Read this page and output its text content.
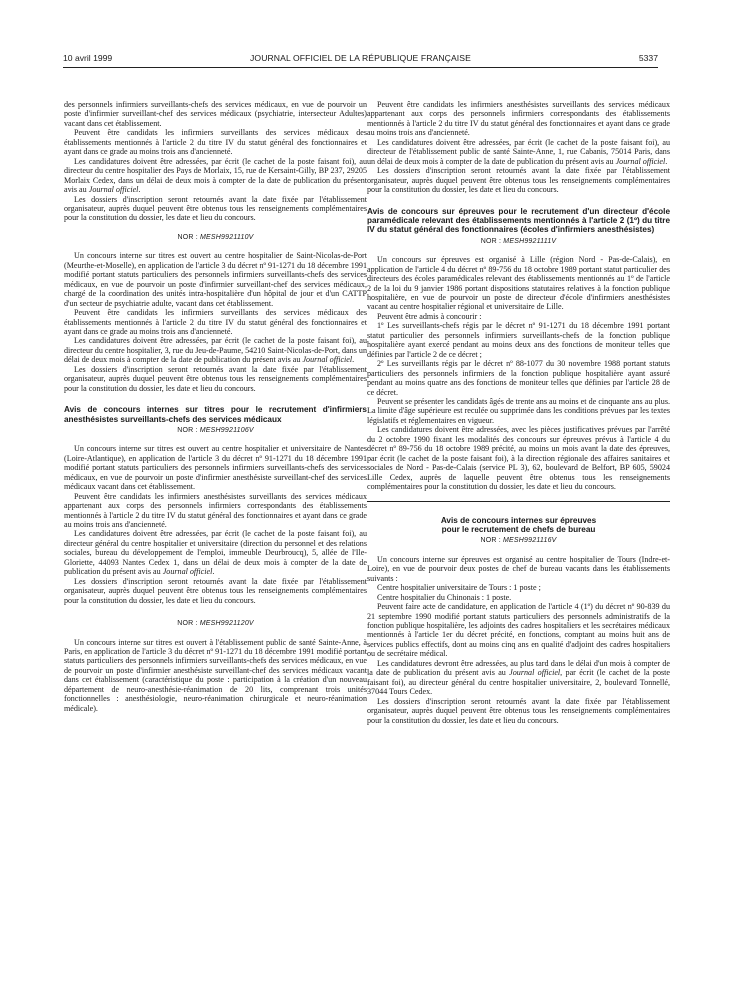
10 avril 1999	JOURNAL OFFICIEL DE LA RÉPUBLIQUE FRANÇAISE	5337

des personnels infirmiers surveillants-chefs des services médicaux, en vue de pourvoir un poste d'infirmier surveillant-chef des services médicaux (psychiatrie, intersecteur Adultes) vacant dans cet établissement.

Peuvent être candidats les infirmiers surveillants des services médicaux des établissements mentionnés à l'article 2 du titre IV du statut général des fonctionnaires et ayant dans ce grade au moins trois ans d'ancienneté.

Les candidatures doivent être adressées, par écrit (le cachet de la poste faisant foi), au directeur du centre hospitalier des Pays de Morlaix, 15, rue de Kersaint-Gilly, BP 237, 29205 Morlaix Cedex, dans un délai de deux mois à compter de la date de publication du présent avis au Journal officiel.

Les dossiers d'inscription seront retournés avant la date fixée par l'établissement organisateur, auprès duquel peuvent être obtenus tous les renseignements complémentaires pour la constitution du dossier, les date et lieu du concours.

NOR : MESH9921110V

Un concours interne sur titres est ouvert au centre hospitalier de Saint-Nicolas-de-Port (Meurthe-et-Moselle), en application de l'article 3 du décret nº 91-1271 du 18 décembre 1991 modifié portant statuts particuliers des personnels infirmiers surveillants-chefs des services médicaux, en vue de pourvoir un poste d'infirmier surveillant-chef des services médicaux, chargé de la coordination des unités intra-hospitalière d'un hôpital de jour et d'un CATTP d'un secteur de psychiatrie adulte, vacant dans cet établissement.

Peuvent être candidats les infirmiers surveillants des services médicaux des établissements mentionnés à l'article 2 du titre IV du statut général des fonctionnaires et ayant dans ce grade au moins trois ans d'ancienneté.

Les candidatures doivent être adressées, par écrit (le cachet de la poste faisant foi), au directeur du centre hospitalier, 3, rue du Jeu-de-Paume, 54210 Saint-Nicolas-de-Port, dans un délai de deux mois à compter de la date de publication du présent avis au Journal officiel.

Les dossiers d'inscription seront retournés avant la date fixée par l'établissement organisateur, auprès duquel peuvent être obtenus tous les renseignements complémentaires pour la constitution du dossier, les date et lieu du concours.

Avis de concours internes sur titres pour le recrutement d'infirmiers anesthésistes surveillants-chefs des services médicaux
NOR : MESH9921106V

Un concours interne sur titres est ouvert au centre hospitalier et universitaire de Nantes (Loire-Atlantique), en application de l'article 3 du décret nº 91-1271 du 18 décembre 1991 modifié portant statuts particuliers des personnels infirmiers surveillants-chefs des services médicaux, en vue de pourvoir un poste d'infirmier anesthésiste surveillant-chef des services médicaux vacant dans cet établissement.

Peuvent être candidats les infirmiers anesthésistes surveillants des services médicaux appartenant aux corps des personnels infirmiers correspondants des établissements mentionnés à l'article 2 du titre IV du statut général des fonctionnaires et ayant dans ce grade au moins trois ans d'ancienneté.

Les candidatures doivent être adressées, par écrit (le cachet de la poste faisant foi), au directeur général du centre hospitalier et universitaire (direction du personnel et des relations sociales, bureau du développement de l'emploi, immeuble Deurbroucq), 5, allée de l'Ile-Gloriette, 44093 Nantes Cedex 1, dans un délai de deux mois à compter de la date de publication du présent avis au Journal officiel.

Les dossiers d'inscription seront retournés avant la date fixée par l'établissement organisateur, auprès duquel peuvent être obtenus tous les renseignements complémentaires pour la constitution du dossier, les date et lieu du concours.

NOR : MESH9921120V

Un concours interne sur titres est ouvert à l'établissement public de santé Sainte-Anne, à Paris, en application de l'article 3 du décret nº 91-1271 du 18 décembre 1991 modifié portant statuts particuliers des personnels infirmiers surveillants-chefs des services médicaux, en vue de pourvoir un poste d'infirmier anesthésiste surveillant-chef des services médicaux vacant dans cet établissement (caractéristique du poste : participation à la création d'un nouveau département de neuro-anesthésie-réanimation de 20 lits, comprenant trois unités fonctionnelles : anesthésiologie, neuro-réanimation chirurgicale et neuro-réanimation médicale).

Peuvent être candidats les infirmiers anesthésistes surveillants des services médicaux appartenant aux corps des personnels infirmiers correspondants des établissements mentionnés à l'article 2 du titre IV du statut général des fonctionnaires et ayant dans ce grade au moins trois ans d'ancienneté.

Les candidatures doivent être adressées, par écrit (le cachet de la poste faisant foi), au directeur de l'établissement public de santé Sainte-Anne, 1, rue Cabanis, 75014 Paris, dans un délai de deux mois à compter de la date de publication du présent avis au Journal officiel.

Les dossiers d'inscription seront retournés avant la date fixée par l'établissement organisateur, auprès duquel peuvent être obtenus tous les renseignements complémentaires pour la constitution du dossier, les date et lieu du concours.

Avis de concours sur épreuves pour le recrutement d'un directeur d'école paramédicale relevant des établissements mentionnés à l'article 2 (1º) du titre IV du statut général des fonctionnaires (écoles d'infirmiers anesthésistes)
NOR : MESH9921111V

Un concours sur épreuves est organisé à Lille (région Nord - Pas-de-Calais), en application de l'article 4 du décret nº 89-756 du 18 octobre 1989 portant statut particulier des directeurs des écoles paramédicales relevant des établissements mentionnés au 1º de l'article 2 de la loi du 9 janvier 1986 portant dispositions statutaires relatives à la fonction publique hospitalière, en vue de pourvoir un poste de directeur d'école d'infirmiers anesthésistes vacant au centre hospitalier régional et universitaire de Lille.

Peuvent être admis à concourir :

1º Les surveillants-chefs régis par le décret nº 91-1271 du 18 décembre 1991 portant statut particulier des personnels infirmiers surveillants-chefs de la fonction publique hospitalière ayant exercé pendant au moins deux ans des fonctions de moniteur telles que définies par l'article 2 de ce décret ;

2º Les surveillants régis par le décret nº 88-1077 du 30 novembre 1988 portant statuts particuliers des personnels infirmiers de la fonction publique hospitalière ayant assuré pendant au moins quatre ans des fonctions de moniteur telles que définies par l'article 28 de ce décret.

Peuvent se présenter les candidats âgés de trente ans au moins et de cinquante ans au plus. La limite d'âge supérieure est reculée ou supprimée dans les conditions prévues par les textes législatifs et réglementaires en vigueur.

Les candidatures doivent être adressées, avec les pièces justificatives prévues par l'arrêté du 2 octobre 1990 fixant les modalités des concours sur épreuves prévus à l'article 4 du décret nº 89-756 du 18 octobre 1989 précité, au moins un mois avant la date des épreuves, par écrit (le cachet de la poste faisant foi), à la direction régionale des affaires sanitaires et sociales de Nord - Pas-de-Calais (service PL 3), 62, boulevard de Belfort, BP 605, 59024 Lille Cedex, auprès de laquelle peuvent être obtenus tous les renseignements complémentaires pour la constitution du dossier, les date et lieu du concours.

Avis de concours internes sur épreuves
pour le recrutement de chefs de bureau
NOR : MESH9921116V

Un concours interne sur épreuves est organisé au centre hospitalier de Tours (Indre-et-Loire), en vue de pourvoir deux postes de chef de bureau vacants dans les établissements suivants :

Centre hospitalier universitaire de Tours : 1 poste ;

Centre hospitalier du Chinonais : 1 poste.

Peuvent faire acte de candidature, en application de l'article 4 (1º) du décret nº 90-839 du 21 septembre 1990 modifié portant statuts particuliers des personnels administratifs de la fonction publique hospitalière, les adjoints des cadres hospitaliers et les secrétaires médicaux mentionnés à l'article 1er du décret précité, en fonctions, comptant au moins huit ans de services publics effectifs, dont au moins cinq ans en qualité d'adjoint des cadres hospitaliers ou de secrétaire médical.

Les candidatures devront être adressées, au plus tard dans le délai d'un mois à compter de la date de publication du présent avis au Journal officiel, par écrit (le cachet de la poste faisant foi), au directeur général du centre hospitalier universitaire, 2, boulevard Tonnellé, 37044 Tours Cedex.

Les dossiers d'inscription seront retournés avant la date fixée par l'établissement organisateur, auprès duquel peuvent être obtenus tous les renseignements complémentaires pour la constitution du dossier, les date et lieu du concours.
